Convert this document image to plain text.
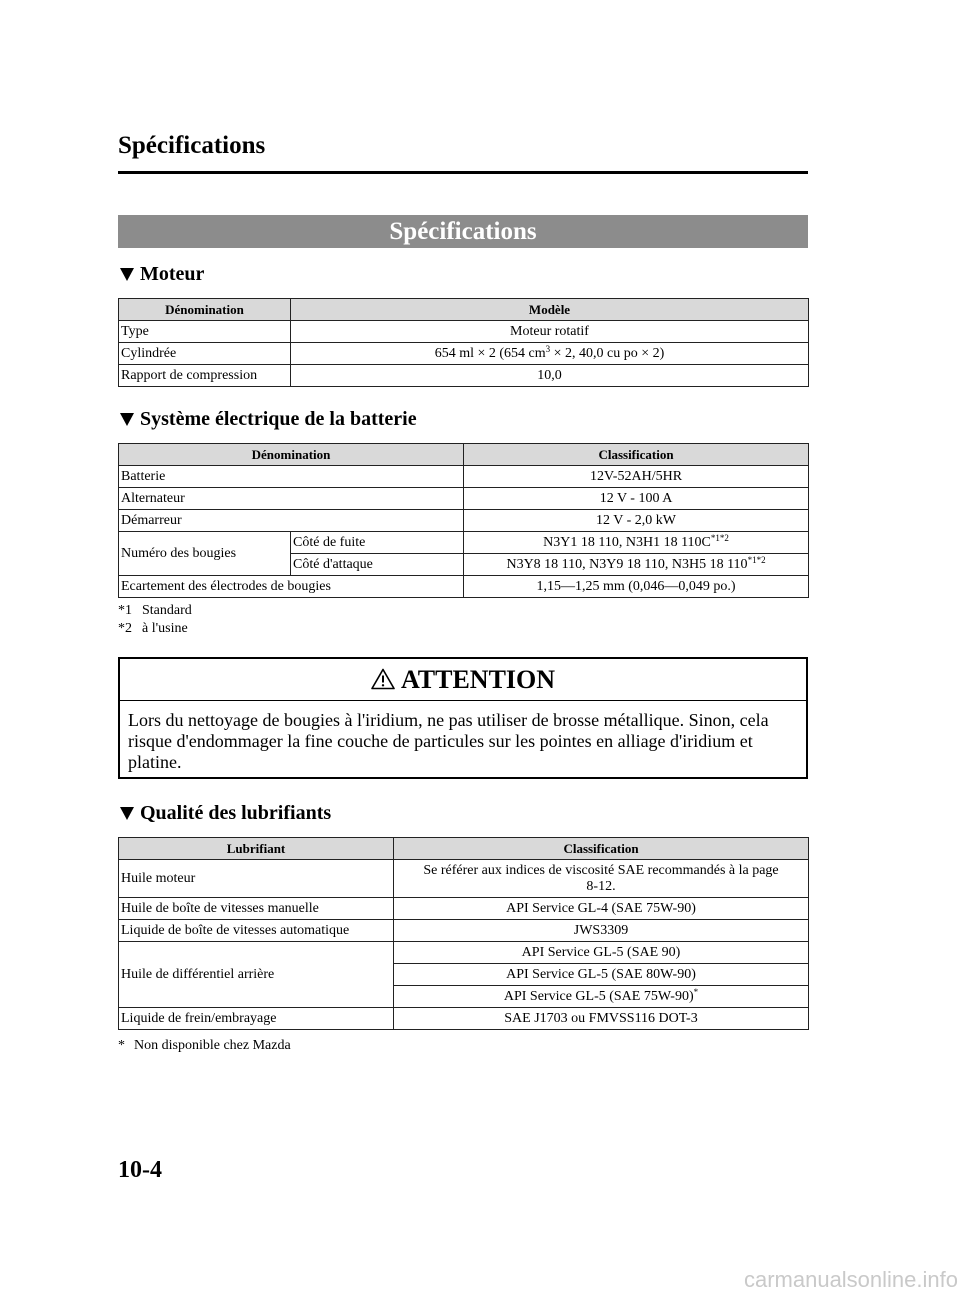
Spécifications
Spécifications
Moteur
Dénomination	Modèle
Type	Moteur rotatif
Cylindrée	654 ml × 2 (654 $cm^3 \times 2$, 40,0 cu po × 2)
Rapport de compression	10,0
Système électrique de la batterie
Dénomination		Classification
Batterie		12V-52AH/5HR
Alternateur		12 V - 100 A
Démarreur		12 V - 2,0 kW
Numéro des bougies	Côté de fuite	N3Y1 18 110, N3H1 18 $110C^{*1*2}$
	Côté d'attaque	N3Y8 18 110, N3Y9 18 110, N3H5 18 $110^{*1*2}$
Ecartement des électrodes de bougies		1,15―1,25 mm (0,046―0,049 po.)
*1 Standard
*2 à l'usine
ATTENTION
Lors du nettoyage de bougies à l'iridium, ne pas utiliser de brosse métallique. Sinon, cela
risque d'endommager la fine couche de particules sur les pointes en alliage d'iridium et
platine.
Qualité des lubrifiants
Lubrifiant	Classification
Huile moteur	Se référer aux indices de viscosité SAE recommandés à la page
8-12.

Huile de boîte de vitesses manuelle	API Service GL-4 (SAE 75W-90)
Liquide de boîte de vitesses automatique	JWS3309
Huile de différentiel arrière	API Service GL-5 (SAE 90)
	API Service GL-5 (SAE 80W-90)
	API Service GL-5 (SAE 75W-90)*
Liquide de frein/embrayage	SAE J1703 ou FMVSS116 DOT-3
* Non disponible chez Mazda
10-4
carmanualsonline.info
